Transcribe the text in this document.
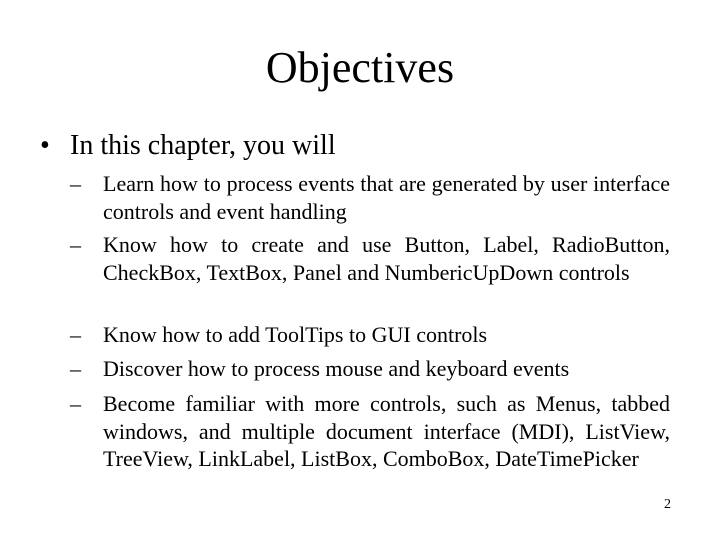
Objectives
• In this chapter, you will
– Learn how to process events that are generated by user interface controls and event handling
– Know how to create and use Button, Label, RadioButton, CheckBox, TextBox, Panel and NumbericUpDown controls
– Know how to add ToolTips to GUI controls
– Discover how to process mouse and keyboard events
– Become familiar with more controls, such as Menus, tabbed windows, and multiple document interface (MDI), ListView, TreeView, LinkLabel, ListBox, ComboBox, DateTimePicker
2
